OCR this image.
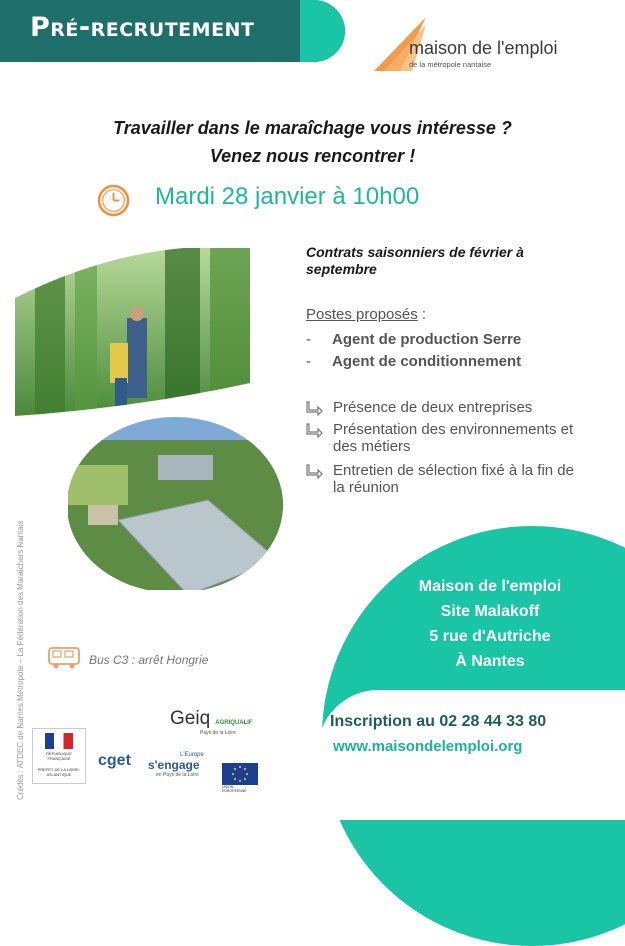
Pré-recrutement
maison de l'emploi
de la métropole nantaise
Travailler dans le maraîchage vous intéresse ?
Venez nous rencontrer !
Mardi 28 janvier à 10h00
Contrats saisonniers de février à septembre
Postes proposés :
- Agent de production Serre
- Agent de conditionnement
Présence de deux entreprises
Présentation des environnements et des métiers
Entretien de sélection fixé à la fin de la réunion
Maison de l'emploi
Site Malakoff
5 rue d'Autriche
À Nantes
Inscription au 02 28 44 33 80
www.maisondelemploi.org
Bus C3 : arrêt Hongrie
Crédits : ATDEC de Nantes Métropole – La Fédération des Maraîchers Nantais	RÉPUBLIQUE FRANÇAISE
PRÉFET DE LA LOIRE-ATLANTIQUE
cget
Geiq AGRIQUALIF
Pays de la Loire
L'Europe
s'engage
en Pays de la Loire
UNION EUROPÉENNE
